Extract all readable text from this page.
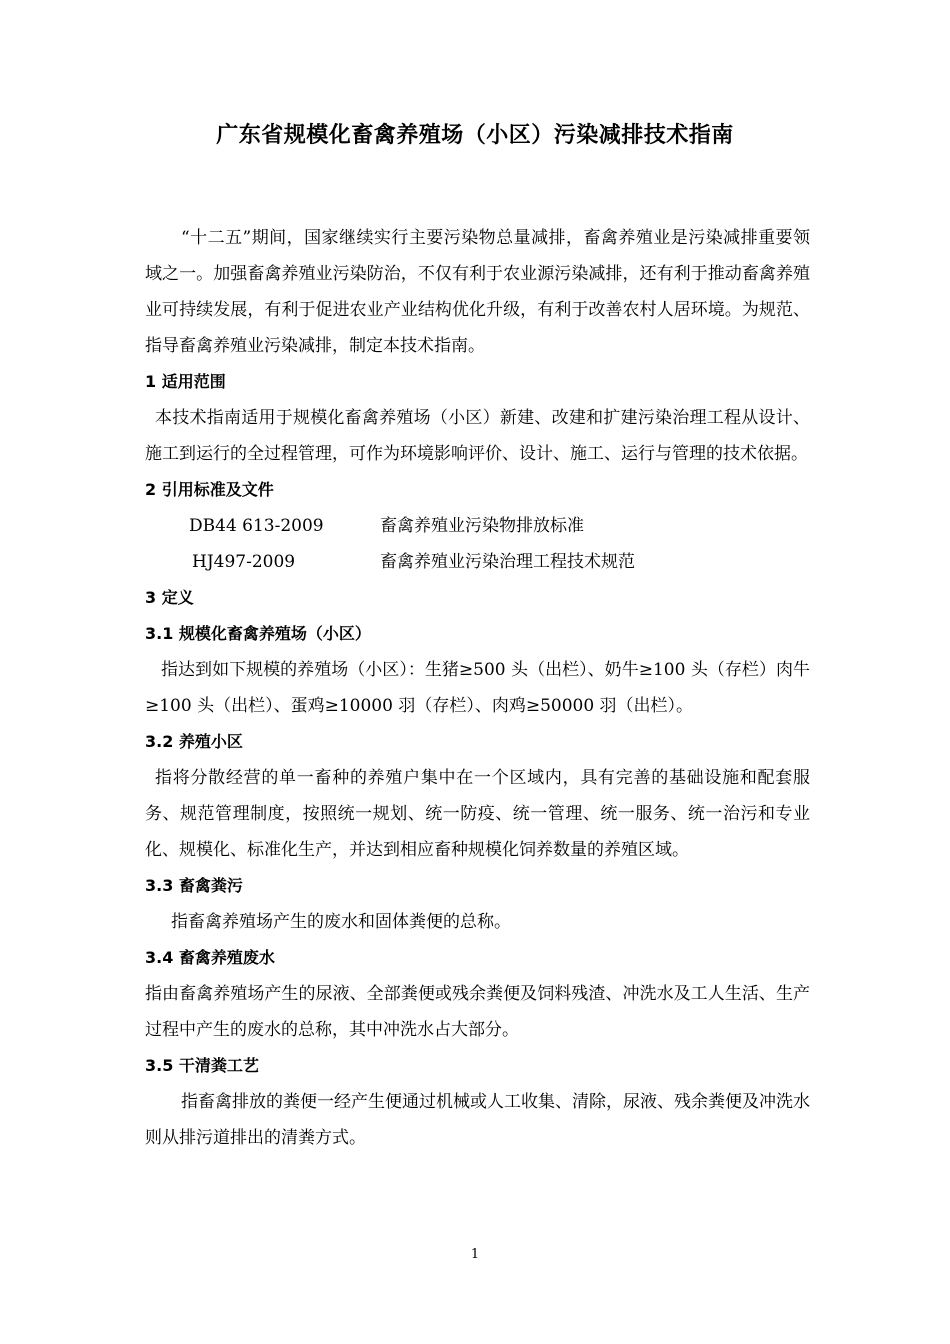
广东省规模化畜禽养殖场（小区）污染减排技术指南

“十二五”期间，国家继续实行主要污染物总量减排，畜禽养殖业是污染减排重要领域之一。加强畜禽养殖业污染防治，不仅有利于农业源污染减排，还有利于推动畜禽养殖业可持续发展，有利于促进农业产业结构优化升级，有利于改善农村人居环境。为规范、指导畜禽养殖业污染减排，制定本技术指南。

1 适用范围

本技术指南适用于规模化畜禽养殖场（小区）新建、改建和扩建污染治理工程从设计、施工到运行的全过程管理，可作为环境影响评价、设计、施工、运行与管理的技术依据。

2 引用标准及文件

DB44 613-2009	畜禽养殖业污染物排放标准
HJ497-2009	畜禽养殖业污染治理工程技术规范

3 定义

3.1 规模化畜禽养殖场（小区）

指达到如下规模的养殖场（小区）：生猪≥500 头（出栏）、奶牛≥100 头（存栏）肉牛≥100 头（出栏）、蛋鸡≥10000 羽（存栏）、肉鸡≥50000 羽（出栏）。

3.2 养殖小区

指将分散经营的单一畜种的养殖户集中在一个区域内，具有完善的基础设施和配套服务、规范管理制度，按照统一规划、统一防疫、统一管理、统一服务、统一治污和专业化、规模化、标准化生产，并达到相应畜种规模化饲养数量的养殖区域。

3.3 畜禽粪污

指畜禽养殖场产生的废水和固体粪便的总称。

3.4 畜禽养殖废水

指由畜禽养殖场产生的尿液、全部粪便或残余粪便及饲料残渣、冲洗水及工人生活、生产过程中产生的废水的总称，其中冲洗水占大部分。

3.5 干清粪工艺

指畜禽排放的粪便一经产生便通过机械或人工收集、清除，尿液、残余粪便及冲洗水则从排污道排出的清粪方式。

1
